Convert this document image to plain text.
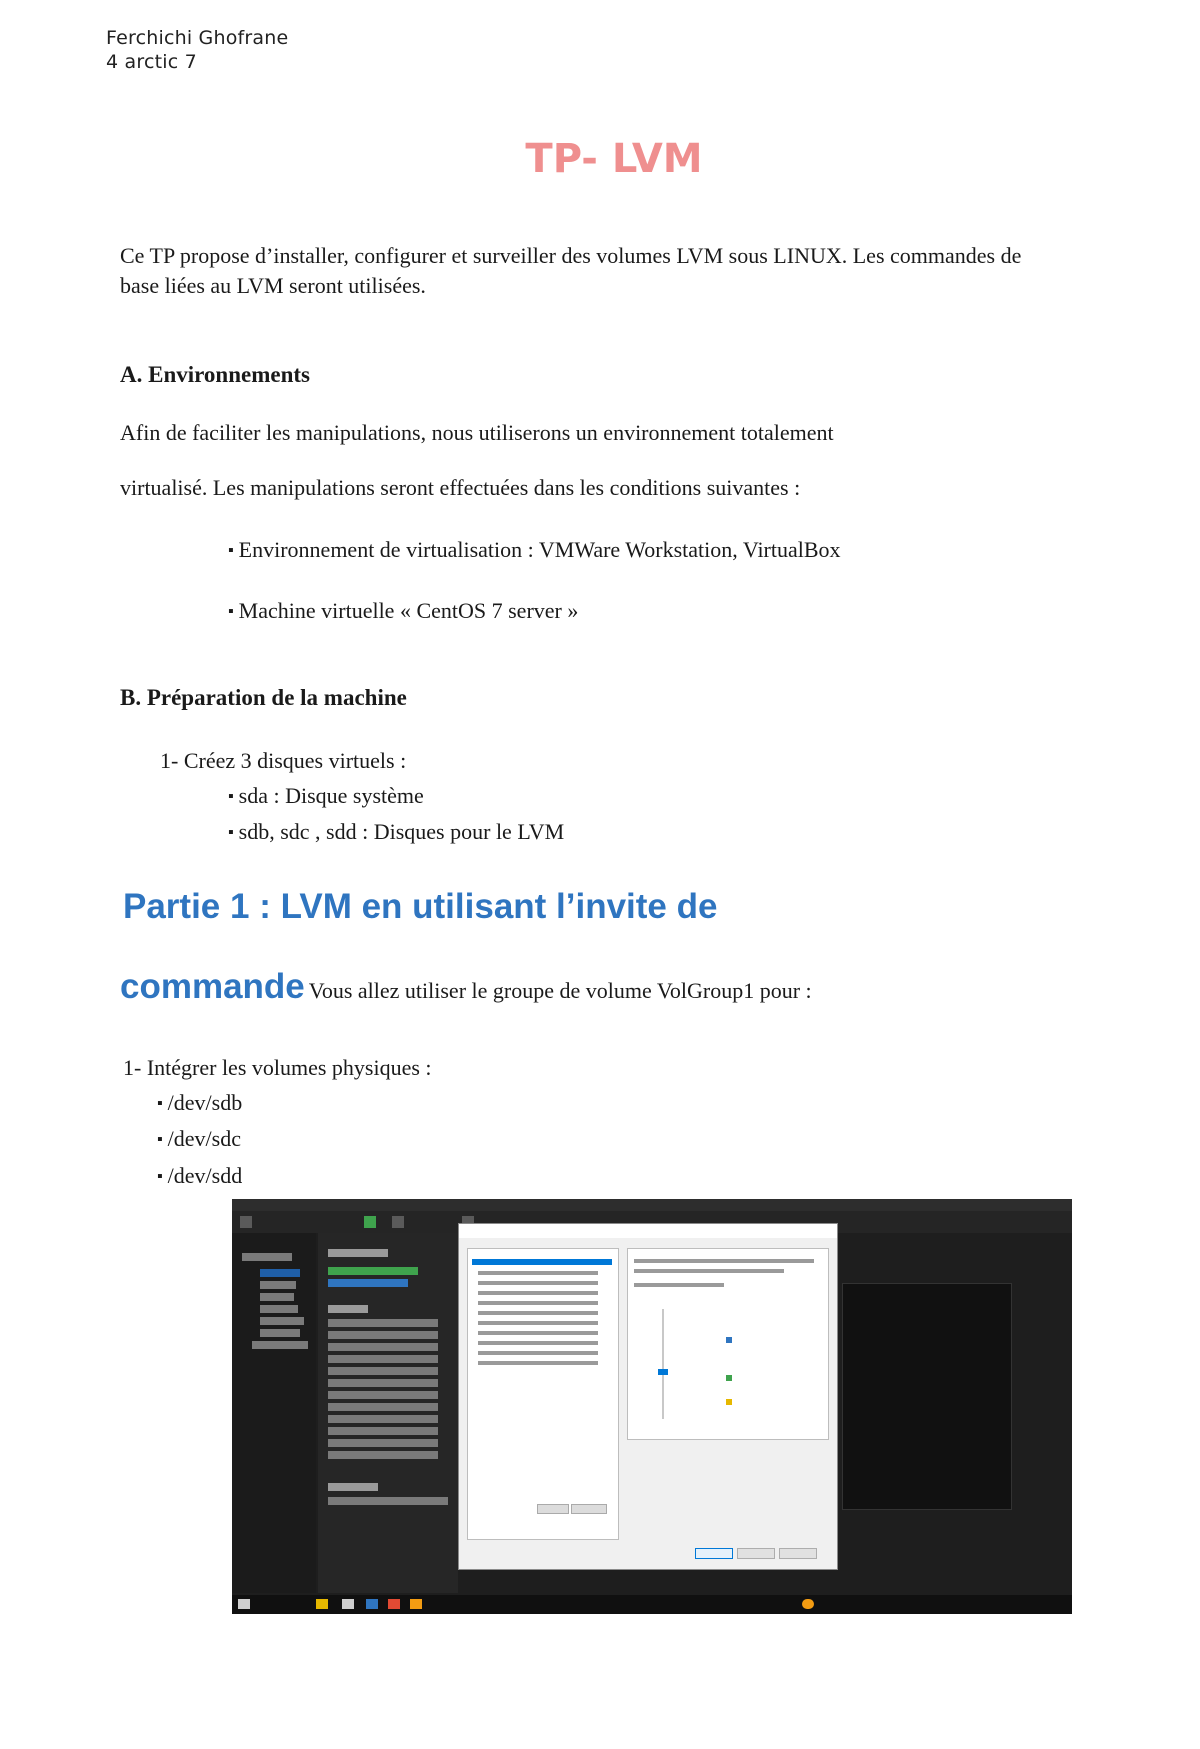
Ferchichi Ghofrane
4 arctic 7
TP- LVM
Ce TP propose d’installer, configurer et surveiller des volumes LVM sous LINUX. Les commandes de
base liées au LVM seront utilisées.
A. Environnements
Afin de faciliter les manipulations, nous utiliserons un environnement totalement
virtualisé. Les manipulations seront effectuées dans les conditions suivantes :
▪ Environnement de virtualisation : VMWare Workstation, VirtualBox
▪ Machine virtuelle « CentOS 7 server »
B. Préparation de la machine
1- Créez 3 disques virtuels :
▪ sda : Disque système
▪ sdb, sdc , sdd : Disques pour le LVM
Partie 1 : LVM en utilisant l’invite de
commande Vous allez utiliser le groupe de volume VolGroup1 pour :
1- Intégrer les volumes physiques :
▪ /dev/sdb
▪ /dev/sdc
▪ /dev/sdd
